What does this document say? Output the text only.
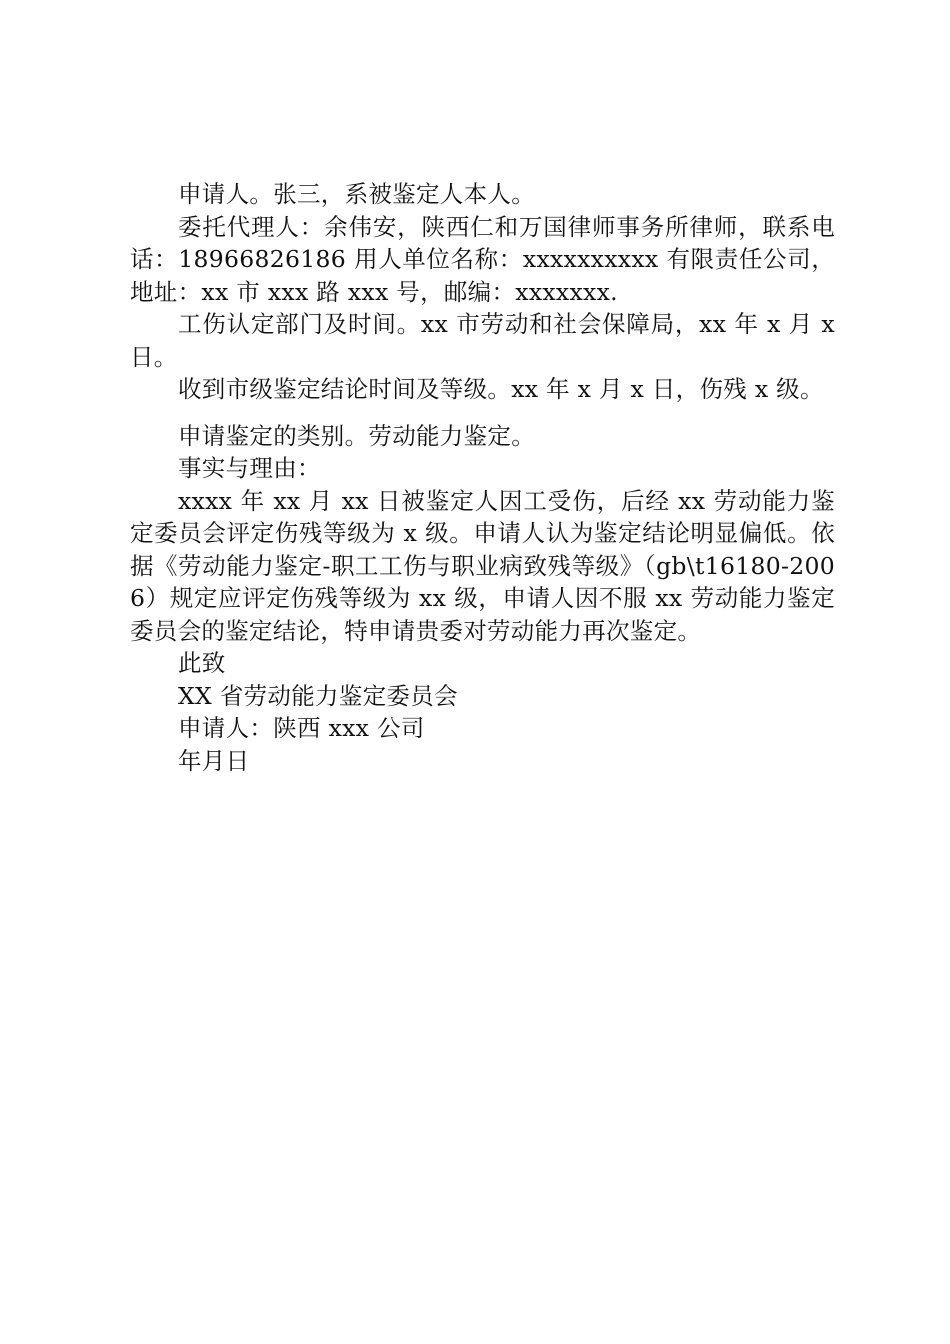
申请人。张三，系被鉴定人本人。

委托代理人：余伟安，陕西仁和万国律师事务所律师，联系电话：18966826186 用人单位名称：xxxxxxxxxx 有限责任公司，地址：xx 市 xxx 路 xxx 号，邮编：xxxxxxx.

工伤认定部门及时间。xx 市劳动和社会保障局，xx 年 x 月 x 日。

收到市级鉴定结论时间及等级。xx 年 x 月 x 日，伤残 x 级。

申请鉴定的类别。劳动能力鉴定。

事实与理由：

xxxx 年 xx 月 xx 日被鉴定人因工受伤，后经 xx 劳动能力鉴定委员会评定伤残等级为 x 级。申请人认为鉴定结论明显偏低。依据《劳动能力鉴定-职工工伤与职业病致残等级》（gb\t16180-2006）规定应评定伤残等级为 xx 级，申请人因不服 xx 劳动能力鉴定委员会的鉴定结论，特申请贵委对劳动能力再次鉴定。

此致

XX 省劳动能力鉴定委员会

申请人：陕西 xxx 公司

年月日
